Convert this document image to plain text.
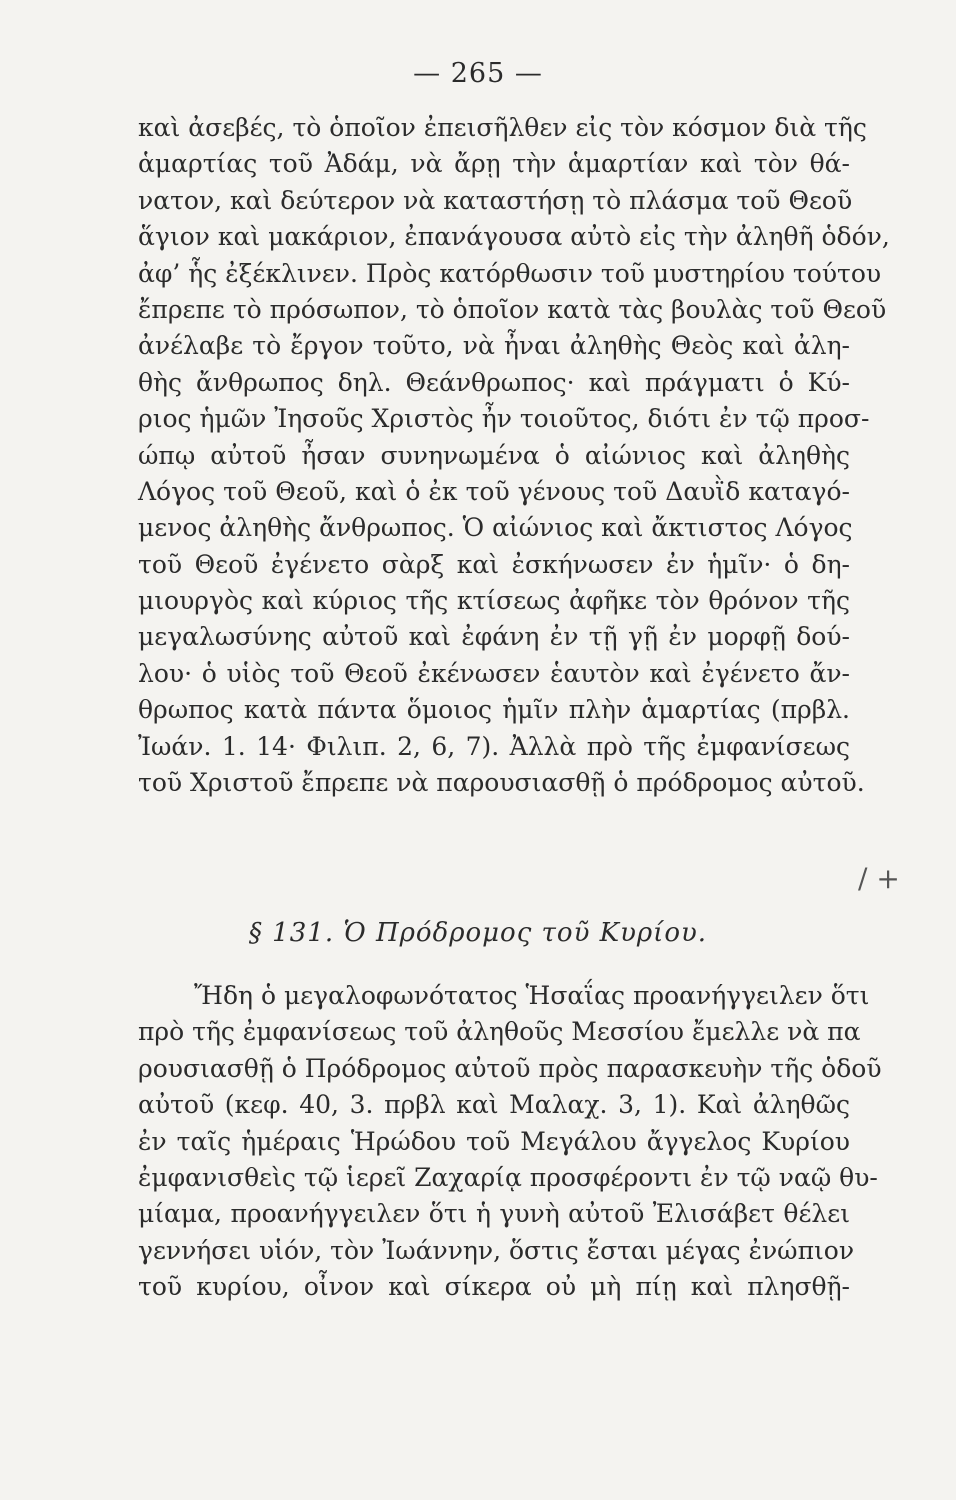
— 265 —
καὶ ἀσεβές, τὸ ὁποῖον ἐπεισῆλθεν εἰς τὸν κόσμον διὰ τῆς
ἁμαρτίας τοῦ Ἀδάμ, νὰ ἄρῃ τὴν ἁμαρτίαν καὶ τὸν θά-
νατον, καὶ δεύτερον νὰ καταστήσῃ τὸ πλάσμα τοῦ Θεοῦ
ἅγιον καὶ μακάριον, ἐπανάγουσα αὐτὸ εἰς τὴν ἀληθῆ ὁδόν,
ἀφ’ ἧς ἐξέκλινεν. Πρὸς κατόρθωσιν τοῦ μυστηρίου τούτου
ἔπρεπε τὸ πρόσωπον, τὸ ὁποῖον κατὰ τὰς βουλὰς τοῦ Θεοῦ
ἀνέλαβε τὸ ἔργον τοῦτο, νὰ ἦναι ἀληθὴς Θεὸς καὶ ἀλη-
θὴς ἄνθρωπος δηλ. Θεάνθρωπος· καὶ πράγματι ὁ Κύ-
ριος ἡμῶν Ἰησοῦς Χριστὸς ἦν τοιοῦτος, διότι ἐν τῷ προσ-
ώπῳ αὐτοῦ ἦσαν συνηνωμένα ὁ αἰώνιος καὶ ἀληθὴς
Λόγος τοῦ Θεοῦ, καὶ ὁ ἐκ τοῦ γένους τοῦ Δαυῒδ καταγό-
μενος ἀληθὴς ἄνθρωπος. Ὁ αἰώνιος καὶ ἄκτιστος Λόγος
τοῦ Θεοῦ ἐγένετο σὰρξ καὶ ἐσκήνωσεν ἐν ἡμῖν· ὁ δη-
μιουργὸς καὶ κύριος τῆς κτίσεως ἀφῆκε τὸν θρόνον τῆς
μεγαλωσύνης αὐτοῦ καὶ ἐφάνη ἐν τῇ γῇ ἐν μορφῇ δού-
λου· ὁ υἱὸς τοῦ Θεοῦ ἐκένωσεν ἑαυτὸν καὶ ἐγένετο ἄν-
θρωπος κατὰ πάντα ὅμοιος ἡμῖν πλὴν ἁμαρτίας (πρβλ.
Ἰωάν. 1. 14· Φιλιπ. 2, 6, 7). Ἀλλὰ πρὸ τῆς ἐμφανίσεως
τοῦ Χριστοῦ ἔπρεπε νὰ παρουσιασθῇ ὁ πρόδρομος αὐτοῦ.
/ +
§ 131. Ὁ Πρόδρομος τοῦ Κυρίου.
Ἤδη ὁ μεγαλοφωνότατος Ἡσαΐας προανήγγειλεν ὅτι
πρὸ τῆς ἐμφανίσεως τοῦ ἀληθοῦς Μεσσίου ἔμελλε νὰ πα
ρουσιασθῇ ὁ Πρόδρομος αὐτοῦ πρὸς παρασκευὴν τῆς ὁδοῦ
αὐτοῦ (κεφ. 40, 3. πρβλ καὶ Μαλαχ. 3, 1). Καὶ ἀληθῶς
ἐν ταῖς ἡμέραις Ἡρώδου τοῦ Μεγάλου ἄγγελος Κυρίου
ἐμφανισθεὶς τῷ ἱερεῖ Ζαχαρίᾳ προσφέροντι ἐν τῷ ναῷ θυ-
μίαμα, προανήγγειλεν ὅτι ἡ γυνὴ αὐτοῦ Ἐλισάβετ θέλει
γεννήσει υἱόν, τὸν Ἰωάννην, ὅστις ἔσται μέγας ἐνώπιον
τοῦ κυρίου, οἶνον καὶ σίκερα οὐ μὴ πίῃ καὶ πλησθῇ-
